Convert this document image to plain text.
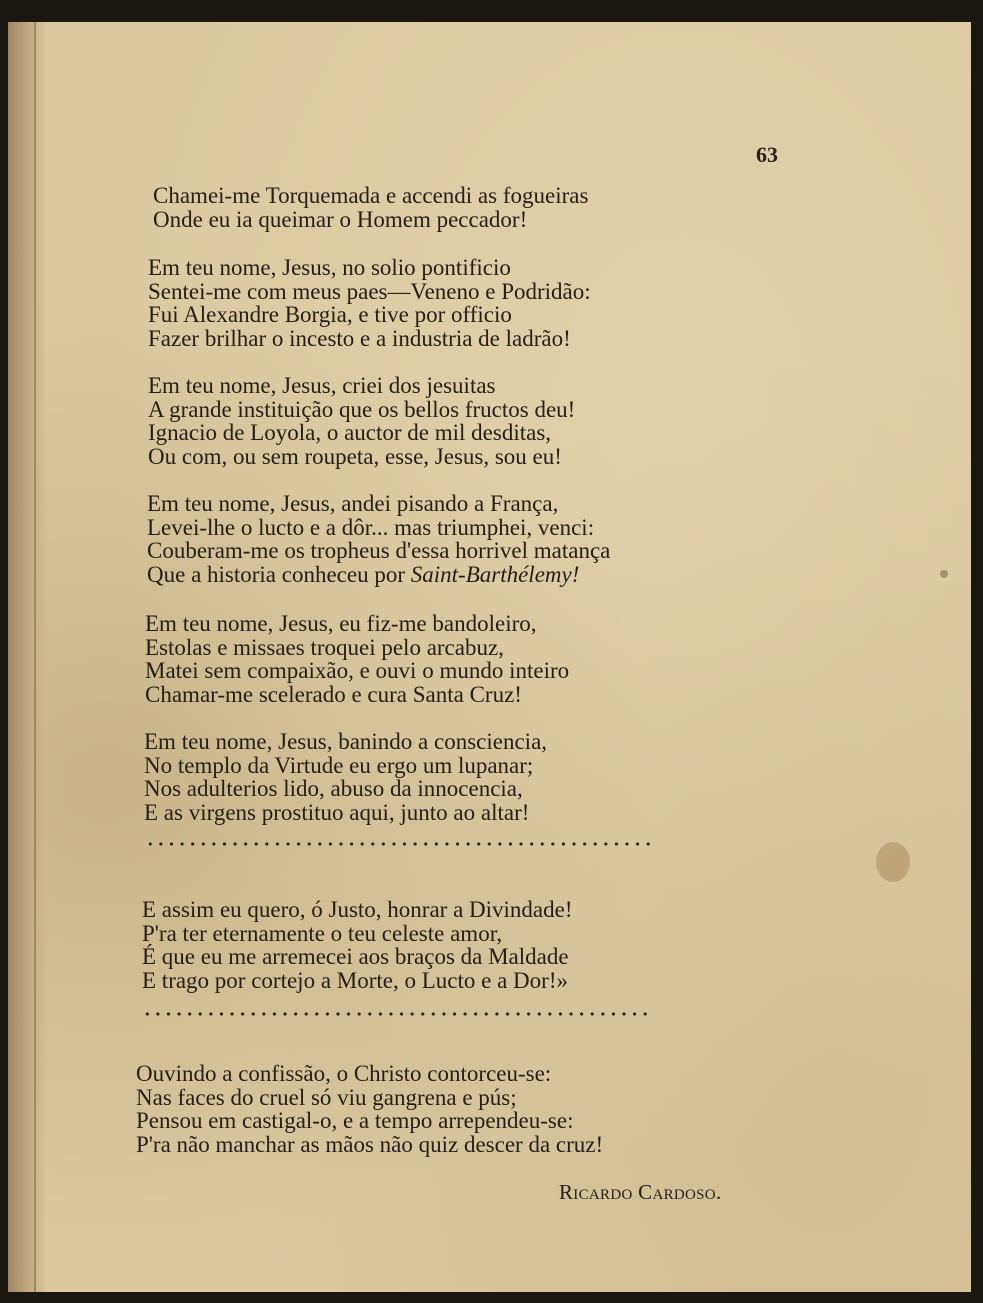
63
Chamei-me Torquemada e accendi as fogueiras
Onde eu ia queimar o Homem peccador!
Em teu nome, Jesus, no solio pontificio
Sentei-me com meus paes—Veneno e Podridão:
Fui Alexandre Borgia, e tive por officio
Fazer brilhar o incesto e a industria de ladrão!
Em teu nome, Jesus, criei dos jesuitas
A grande instituição que os bellos fructos deu!
Ignacio de Loyola, o auctor de mil desditas,
Ou com, ou sem roupeta, esse, Jesus, sou eu!
Em teu nome, Jesus, andei pisando a França,
Levei-lhe o lucto e a dôr... mas triumphei, venci:
Couberam-me os tropheus d'essa horrivel matança
Que a historia conheceu por Saint-Barthélemy!
Em teu nome, Jesus, eu fiz-me bandoleiro,
Estolas e missaes troquei pelo arcabuz,
Matei sem compaixão, e ouvi o mundo inteiro
Chamar-me scelerado e cura Santa Cruz!
Em teu nome, Jesus, banindo a consciencia,
No templo da Virtude eu ergo um lupanar;
Nos adulterios lido, abuso da innocencia,
E as virgens prostituo aqui, junto ao altar!
E assim eu quero, ó Justo, honrar a Divindade!
P'ra ter eternamente o teu celeste amor,
É que eu me arremecei aos braços da Maldade
E trago por cortejo a Morte, o Lucto e a Dor!»
Ouvindo a confissão, o Christo contorceu-se:
Nas faces do cruel só viu gangrena e pús;
Pensou em castigal-o, e a tempo arrependeu-se:
P'ra não manchar as mãos não quiz descer da cruz!
Ricardo Cardoso.
